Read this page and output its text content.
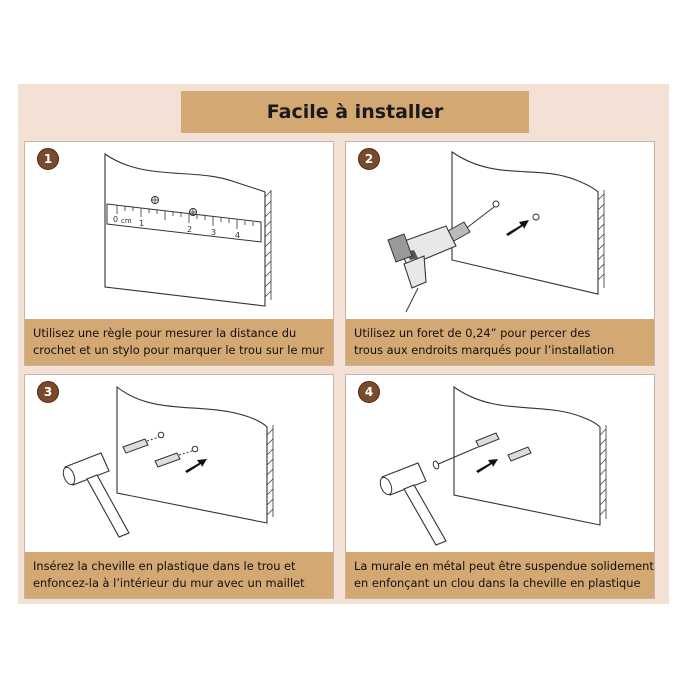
Facile à installer
1
0 cm 1
2 3 4
Utilisez une règle pour mesurer la distance du
crochet et un stylo pour marquer le trou sur le mur
2
Utilisez un foret de 0,24” pour percer des
trous aux endroits marqués pour l’installation
3
Insérez la cheville en plastique dans le trou et
enfoncez-la à l’intérieur du mur avec un maillet
4
La murale en métal peut être suspendue solidement
en enfonçant un clou dans la cheville en plastique
